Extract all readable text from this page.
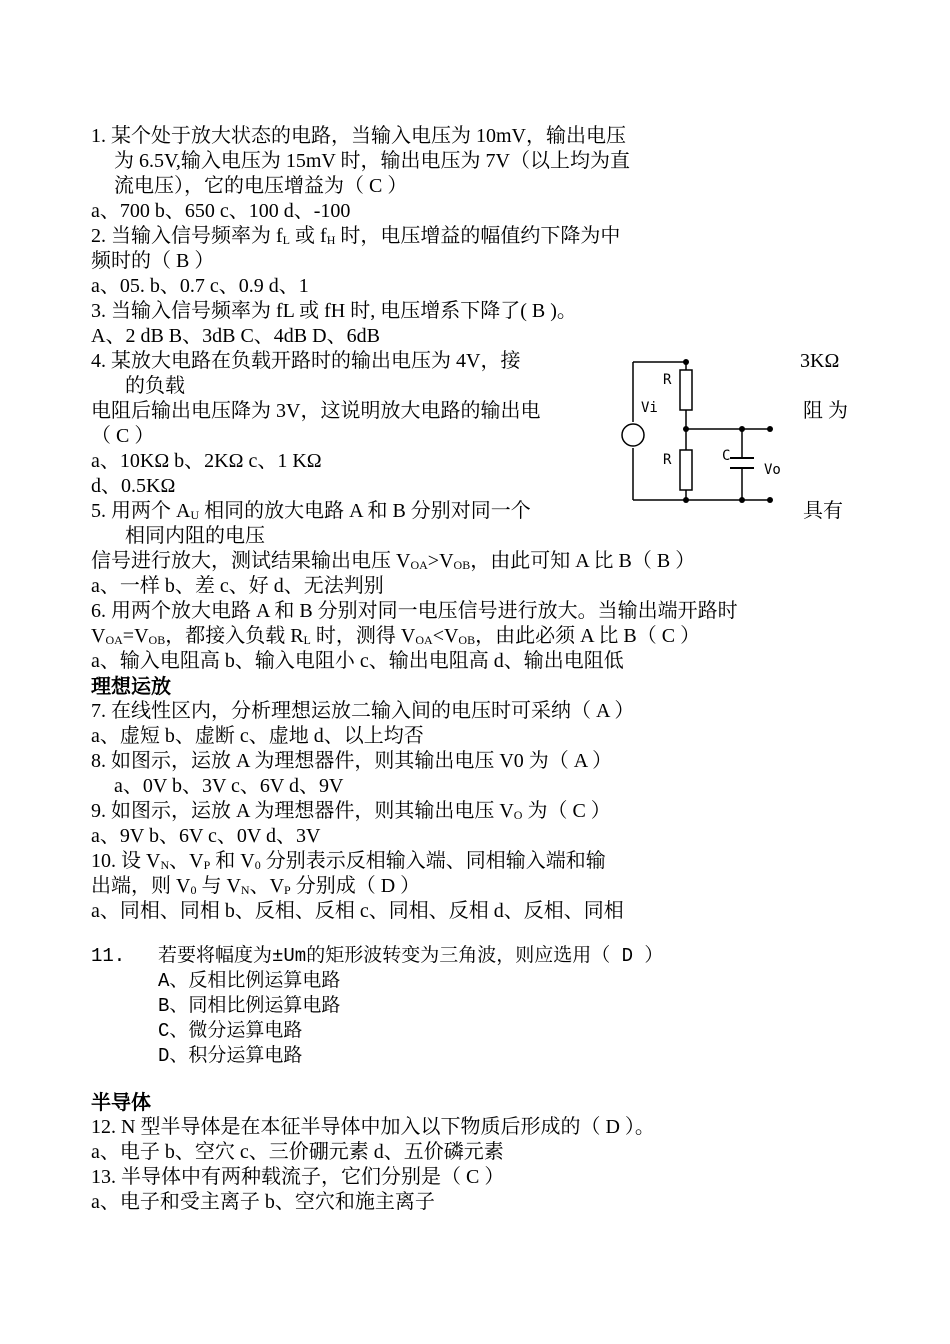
1. 某个处于放大状态的电路，当输入电压为 10mV，输出电压
为 6.5V,输入电压为 15mV 时，输出电压为 7V（以上均为直
流电压），它的电压增益为（ C ）
a、700 b、650 c、100 d、-100
2. 当输入信号频率为 $f_L$ 或 $f_H$ 时，电压增益的幅值约下降为中
频时的（ B ）
a、05. b、0.7 c、0.9 d、1
3. 当输入信号频率为 fL 或 fH 时, 电压增系下降了( B )。
A、2 dB B、3dB C、4dB D、6dB
4. 某放大电路在负载开路时的输出电压为 4V，接	3KΩ
的负载
电阻后输出电压降为 3V，这说明放大电路的输出电	阻 为
（ C ）
a、10KΩ b、2KΩ c、1 KΩ
d、0.5KΩ
5. 用两个 $A_U$ 相同的放大电路 A 和 B 分别对同一个	具有
相同内阻的电压
信号进行放大，测试结果输出电压 $V_{OA}>V_{OB}$，由此可知 A 比 B（ B ）
a、一样 b、差 c、好 d、无法判别
6. 用两个放大电路 A 和 B 分别对同一电压信号进行放大。当输出端开路时
$V_{OA}=V_{OB}$，都接入负载 $R_L$ 时，测得 $V_{OA}<V_{OB}$，由此必须 A 比 B（ C ）
a、输入电阻高 b、输入电阻小 c、输出电阻高 d、输出电阻低
理想运放
7. 在线性区内，分析理想运放二输入间的电压时可采纳（ A ）
a、虚短 b、虚断 c、虚地 d、以上均否
8. 如图示，运放 A 为理想器件，则其输出电压 V0 为（ A ）
a、0V b、3V c、6V d、9V
9. 如图示，运放 A 为理想器件，则其输出电压 $V_O$ 为（ C ）
a、9V b、6V c、0V d、3V
10. 设 $V_N$、$V_P$ 和 $V_0$ 分别表示反相输入端、同相输入端和输
出端，则 $V_0$ 与 $V_N$、$V_P$ 分别成（ D ）
a、同相、同相 b、反相、反相 c、同相、反相 d、反相、同相
11. 若要将幅度为±Um的矩形波转变为三角波，则应选用（ D ）
A、反相比例运算电路
B、同相比例运算电路
C、微分运算电路
D、积分运算电路
半导体
12. N 型半导体是在本征半导体中加入以下物质后形成的（ D ）。
a、电子 b、空穴 c、三价硼元素 d、五价磷元素
13. 半导体中有两种载流子，它们分别是（ C ）
a、电子和受主离子 b、空穴和施主离子
R
Vi
R	C
Vo
